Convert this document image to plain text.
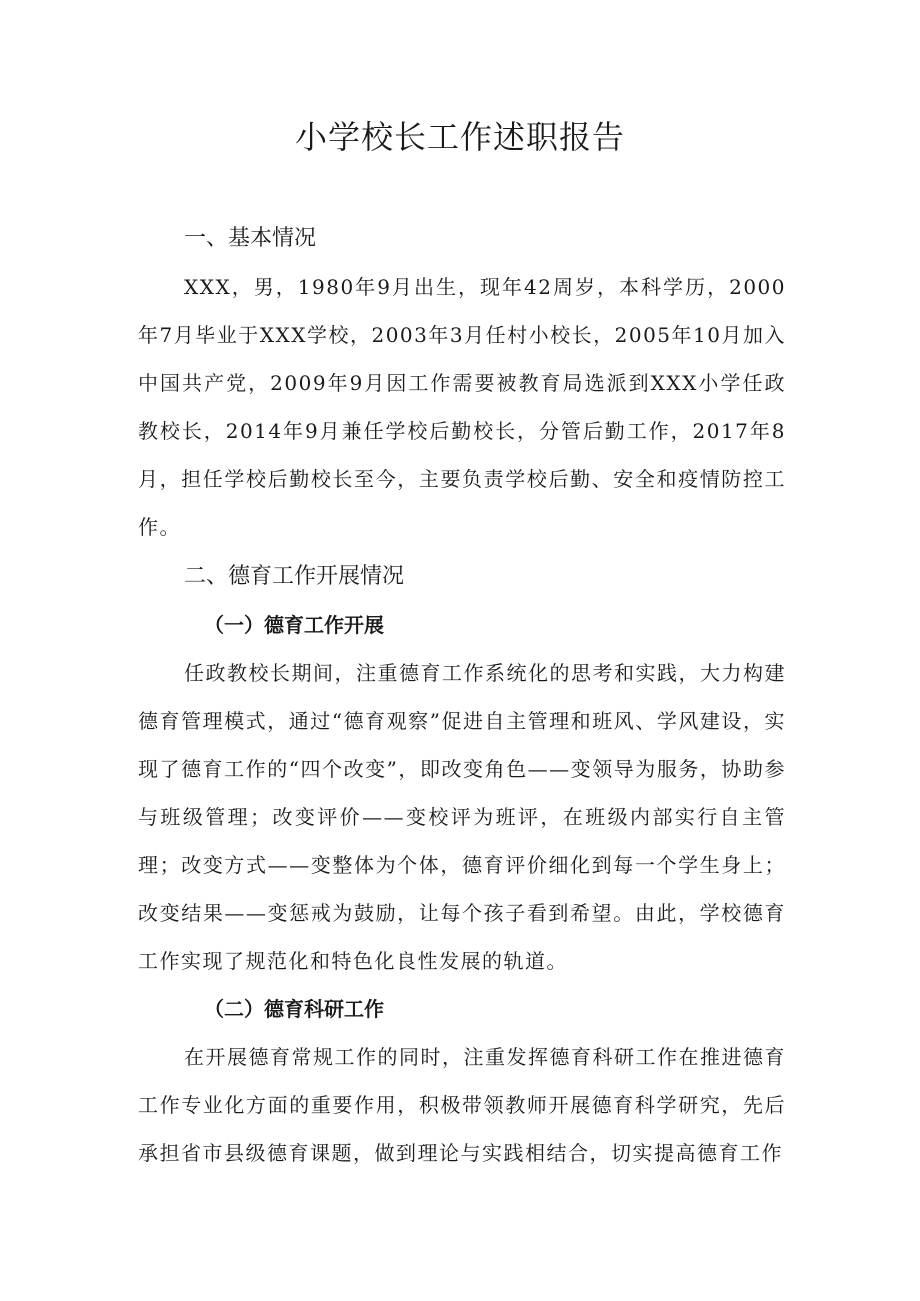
小学校长工作述职报告
一、基本情况

XXX，男，1980年9月出生，现年42周岁，本科学历，2000年7月毕业于XXX学校，2003年3月任村小校长，2005年10月加入中国共产党，2009年9月因工作需要被教育局选派到XXX小学任政教校长，2014年9月兼任学校后勤校长，分管后勤工作，2017年8月，担任学校后勤校长至今，主要负责学校后勤、安全和疫情防控工作。

二、德育工作开展情况
（一）德育工作开展

任政教校长期间，注重德育工作系统化的思考和实践，大力构建德育管理模式，通过“德育观察”促进自主管理和班风、学风建设，实现了德育工作的“四个改变”，即改变角色——变领导为服务，协助参与班级管理；改变评价——变校评为班评，在班级内部实行自主管理；改变方式——变整体为个体，德育评价细化到每一个学生身上；改变结果——变惩戒为鼓励，让每个孩子看到希望。由此，学校德育工作实现了规范化和特色化良性发展的轨道。

（二）德育科研工作

在开展德育常规工作的同时，注重发挥德育科研工作在推进德育工作专业化方面的重要作用，积极带领教师开展德育科学研究，先后承担省市县级德育课题，做到理论与实践相结合，切实提高德育工作
